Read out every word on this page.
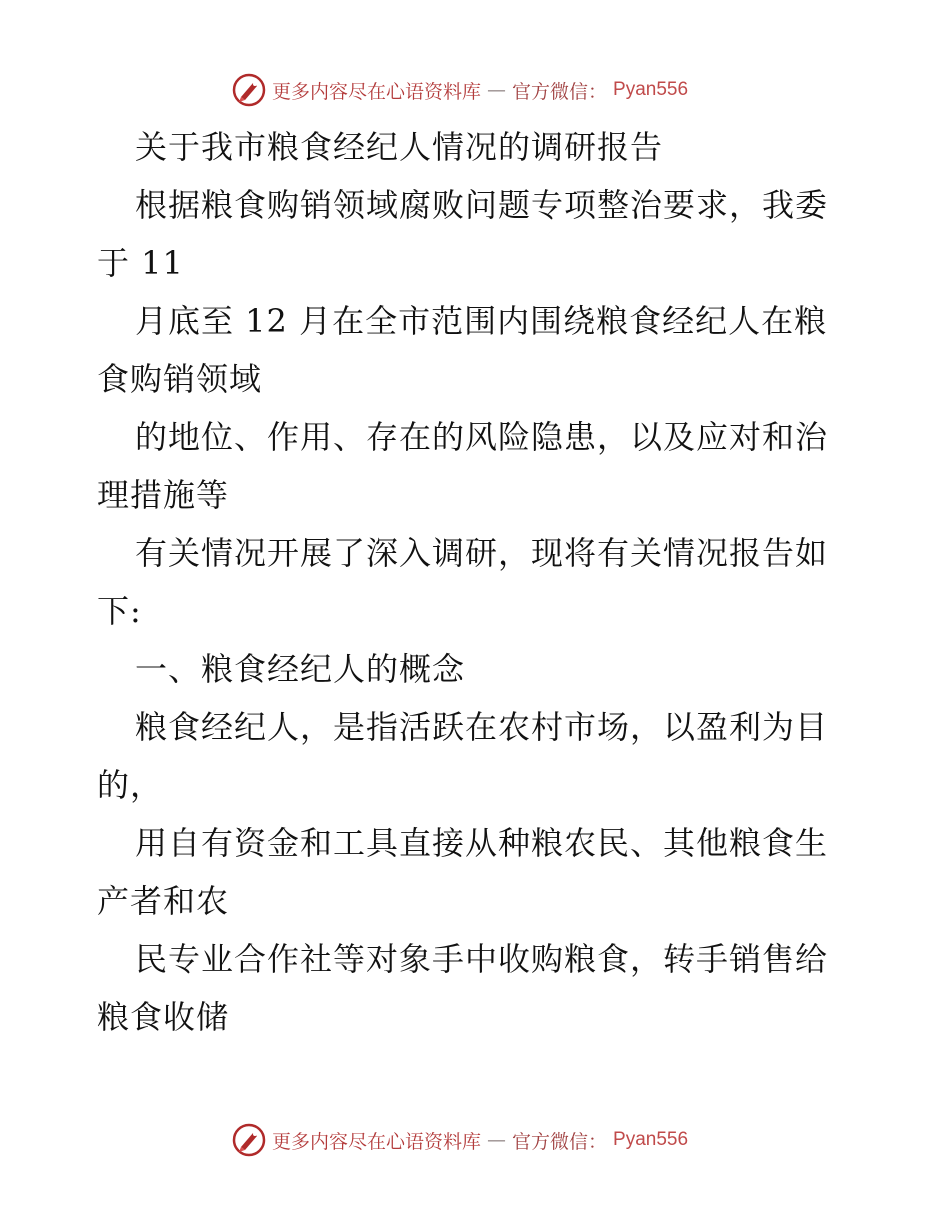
更多内容尽在心语资料库 — 官方微信： Pyan556
关于我市粮食经纪人情况的调研报告
根据粮食购销领域腐败问题专项整治要求，我委
于 11
月底至 12 月在全市范围内围绕粮食经纪人在粮
食购销领域
的地位、作用、存在的风险隐患，以及应对和治
理措施等
有关情况开展了深入调研，现将有关情况报告如
下:
一、粮食经纪人的概念
粮食经纪人，是指活跃在农村市场，以盈利为目
的，
用自有资金和工具直接从种粮农民、其他粮食生
产者和农
民专业合作社等对象手中收购粮食，转手销售给
粮食收储
更多内容尽在心语资料库 — 官方微信： Pyan556
